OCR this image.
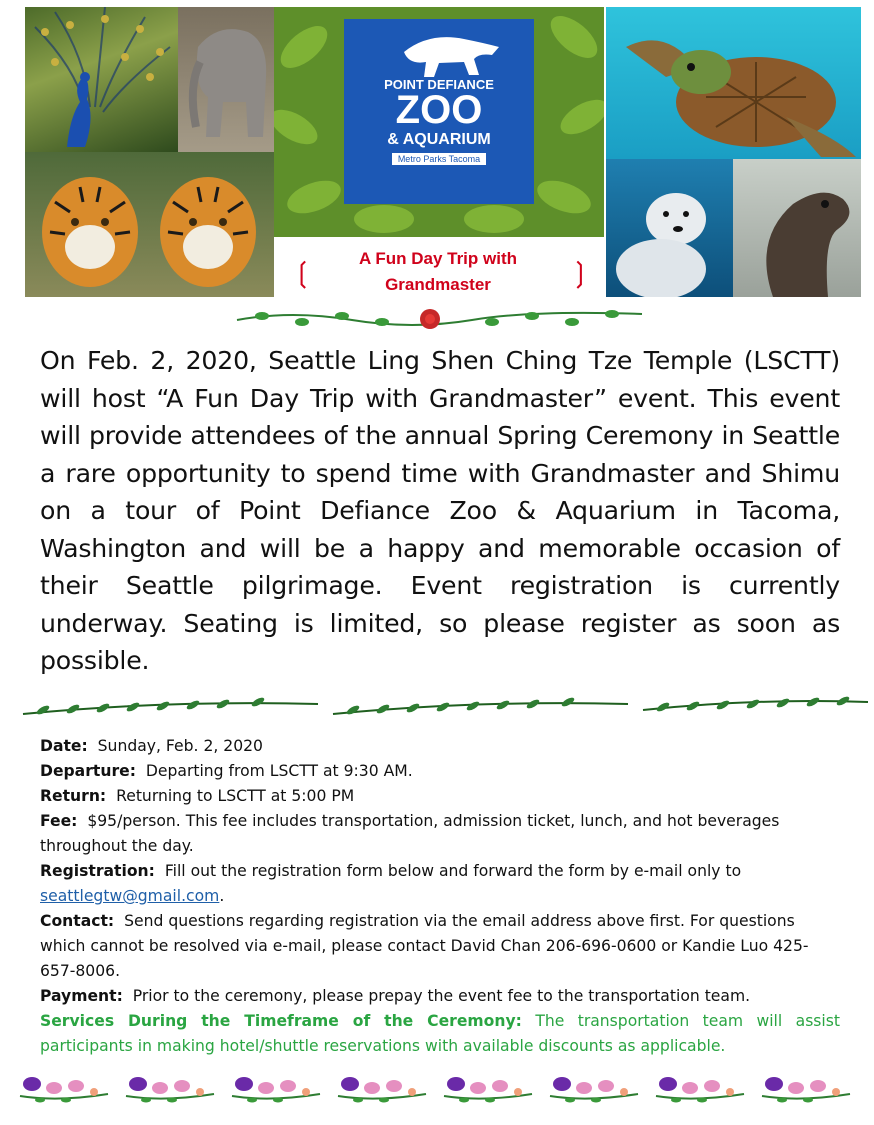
POINT DEFIANCE
ZOO
& AQUARIUM
Metro Parks Tacoma
❲	A Fun Day Trip with
Grandmaster	❳
On Feb. 2, 2020, Seattle Ling Shen Ching Tze Temple (LSCTT) will host “A Fun Day Trip with Grandmaster” event. This event will provide attendees of the annual Spring Ceremony in Seattle a rare opportunity to spend time with Grandmaster and Shimu on a tour of Point Defiance Zoo & Aquarium in Tacoma, Washington and will be a happy and memorable occasion of their Seattle pilgrimage. Event registration is currently underway. Seating is limited, so please register as soon as possible.

Date: Sunday, Feb. 2, 2020

Departure: Departing from LSCTT at 9:30 AM.

Return: Returning to LSCTT at 5:00 PM

Fee: $95/person. This fee includes transportation, admission ticket, lunch, and hot beverages throughout the day.

Registration: Fill out the registration form below and forward the form by e-mail only to seattlegtw@gmail.com.

Contact: Send questions regarding registration via the email address above first. For questions which cannot be resolved via e-mail, please contact David Chan 206-696-0600 or Kandie Luo 425-657-8006.

Payment: Prior to the ceremony, please prepay the event fee to the transportation team.

Services During the Timeframe of the Ceremony: The transportation team will assist participants in making hotel/shuttle reservations with available discounts as applicable.
